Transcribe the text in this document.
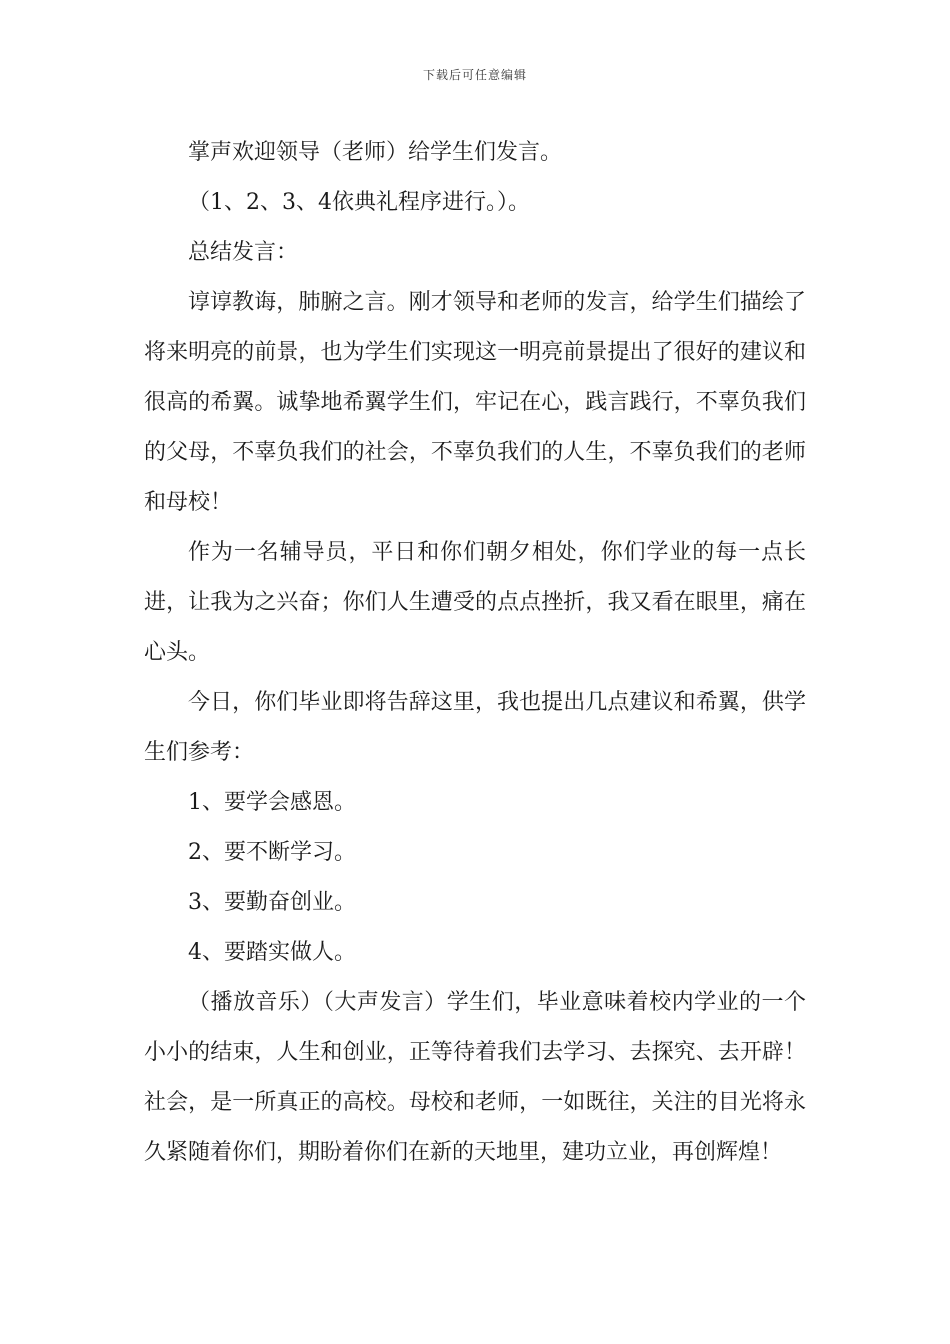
下载后可任意编辑

掌声欢迎领导（老师）给学生们发言。

（1、2、3、4依典礼程序进行。）。

总结发言：

谆谆教诲，肺腑之言。刚才领导和老师的发言，给学生们描绘了将来明亮的前景，也为学生们实现这一明亮前景提出了很好的建议和很高的希翼。诚挚地希翼学生们，牢记在心，践言践行，不辜负我们的父母，不辜负我们的社会，不辜负我们的人生，不辜负我们的老师和母校！

作为一名辅导员，平日和你们朝夕相处，你们学业的每一点长进，让我为之兴奋；你们人生遭受的点点挫折，我又看在眼里，痛在心头。

今日，你们毕业即将告辞这里，我也提出几点建议和希翼，供学生们参考：

1、要学会感恩。

2、要不断学习。

3、要勤奋创业。

4、要踏实做人。

（播放音乐）（大声发言）学生们，毕业意味着校内学业的一个小小的结束，人生和创业，正等待着我们去学习、去探究、去开辟！社会，是一所真正的高校。母校和老师，一如既往，关注的目光将永久紧随着你们，期盼着你们在新的天地里，建功立业，再创辉煌！
